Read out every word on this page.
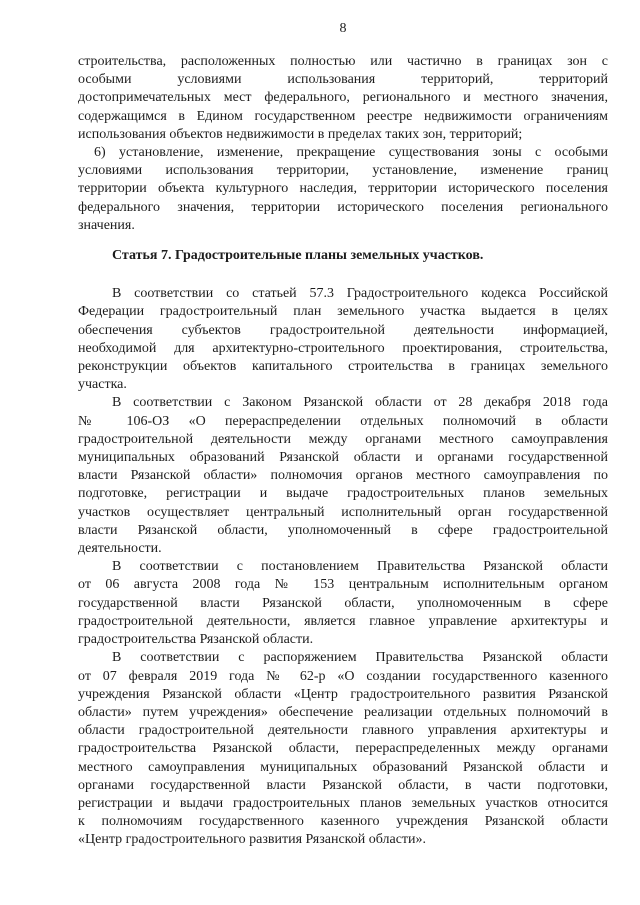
8
строительства, расположенных полностью или частично в границах зон с
особыми условиями использования территорий, территорий
достопримечательных мест федерального, регионального и местного значения,
содержащимся в Едином государственном реестре недвижимости ограничениям
использования объектов недвижимости в пределах таких зон, территорий;
6) установление, изменение, прекращение существования зоны с особыми
условиями использования территории, установление, изменение границ
территории объекта культурного наследия, территории исторического поселения
федерального значения, территории исторического поселения регионального
значения.
Статья 7. Градостроительные планы земельных участков.
В соответствии со статьей 57.3 Градостроительного кодекса Российской
Федерации градостроительный план земельного участка выдается в целях
обеспечения субъектов градостроительной деятельности информацией,
необходимой для архитектурно-строительного проектирования, строительства,
реконструкции объектов капитального строительства в границах земельного
участка.
В соответствии с Законом Рязанской области от 28 декабря 2018 года
№ 106-ОЗ «О перераспределении отдельных полномочий в области
градостроительной деятельности между органами местного самоуправления
муниципальных образований Рязанской области и органами государственной
власти Рязанской области» полномочия органов местного самоуправления по
подготовке, регистрации и выдаче градостроительных планов земельных
участков осуществляет центральный исполнительный орган государственной
власти Рязанской области, уполномоченный в сфере градостроительной
деятельности.
В соответствии с постановлением Правительства Рязанской области
от 06 августа 2008 года № 153 центральным исполнительным органом
государственной власти Рязанской области, уполномоченным в сфере
градостроительной деятельности, является главное управление архитектуры и
градостроительства Рязанской области.
В соответствии с распоряжением Правительства Рязанской области
от 07 февраля 2019 года № 62-р «О создании государственного казенного
учреждения Рязанской области «Центр градостроительного развития Рязанской
области» путем учреждения» обеспечение реализации отдельных полномочий в
области градостроительной деятельности главного управления архитектуры и
градостроительства Рязанской области, перераспределенных между органами
местного самоуправления муниципальных образований Рязанской области и
органами государственной власти Рязанской области, в части подготовки,
регистрации и выдачи градостроительных планов земельных участков относится
к полномочиям государственного казенного учреждения Рязанской области
«Центр градостроительного развития Рязанской области».
